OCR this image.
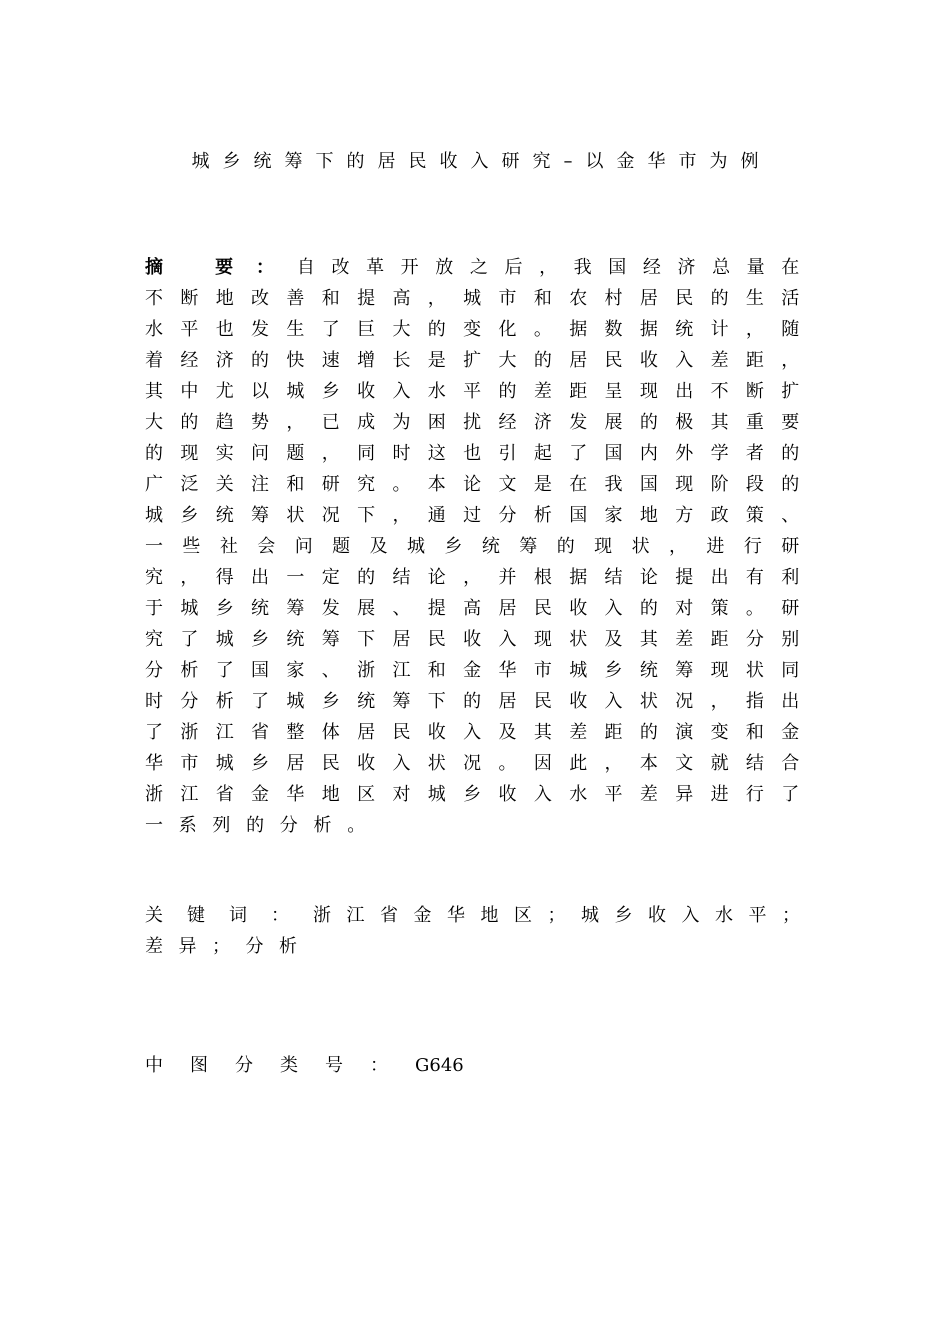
城乡统筹下的居民收入研究–以金华市为例
摘 要：自改革开放之后，我国经济总量在不断地改善和提高，城市和农村居民的生活水平也发生了巨大的变化。据数据统计，随着经济的快速增长是扩大的居民收入差距，其中尤以城乡收入水平的差距呈现出不断扩大的趋势，已成为困扰经济发展的极其重要的现实问题，同时这也引起了国内外学者的广泛关注和研究。本论文是在我国现阶段的城乡统筹状况下，通过分析国家地方政策、一些社会问题及城乡统筹的现状，进行研究，得出一定的结论，并根据结论提出有利于城乡统筹发展、提高居民收入的对策。研究了城乡统筹下居民收入现状及其差距分别分析了国家、浙江和金华市城乡统筹现状同时分析了城乡统筹下的居民收入状况，指出了浙江省整体居民收入及其差距的演变和金华市城乡居民收入状况。因此，本文就结合浙江省金华地区对城乡收入水平差异进行了一系列的分析。
关键词：浙江省金华地区；城乡收入水平；差异；分析
中图分类号：G646
